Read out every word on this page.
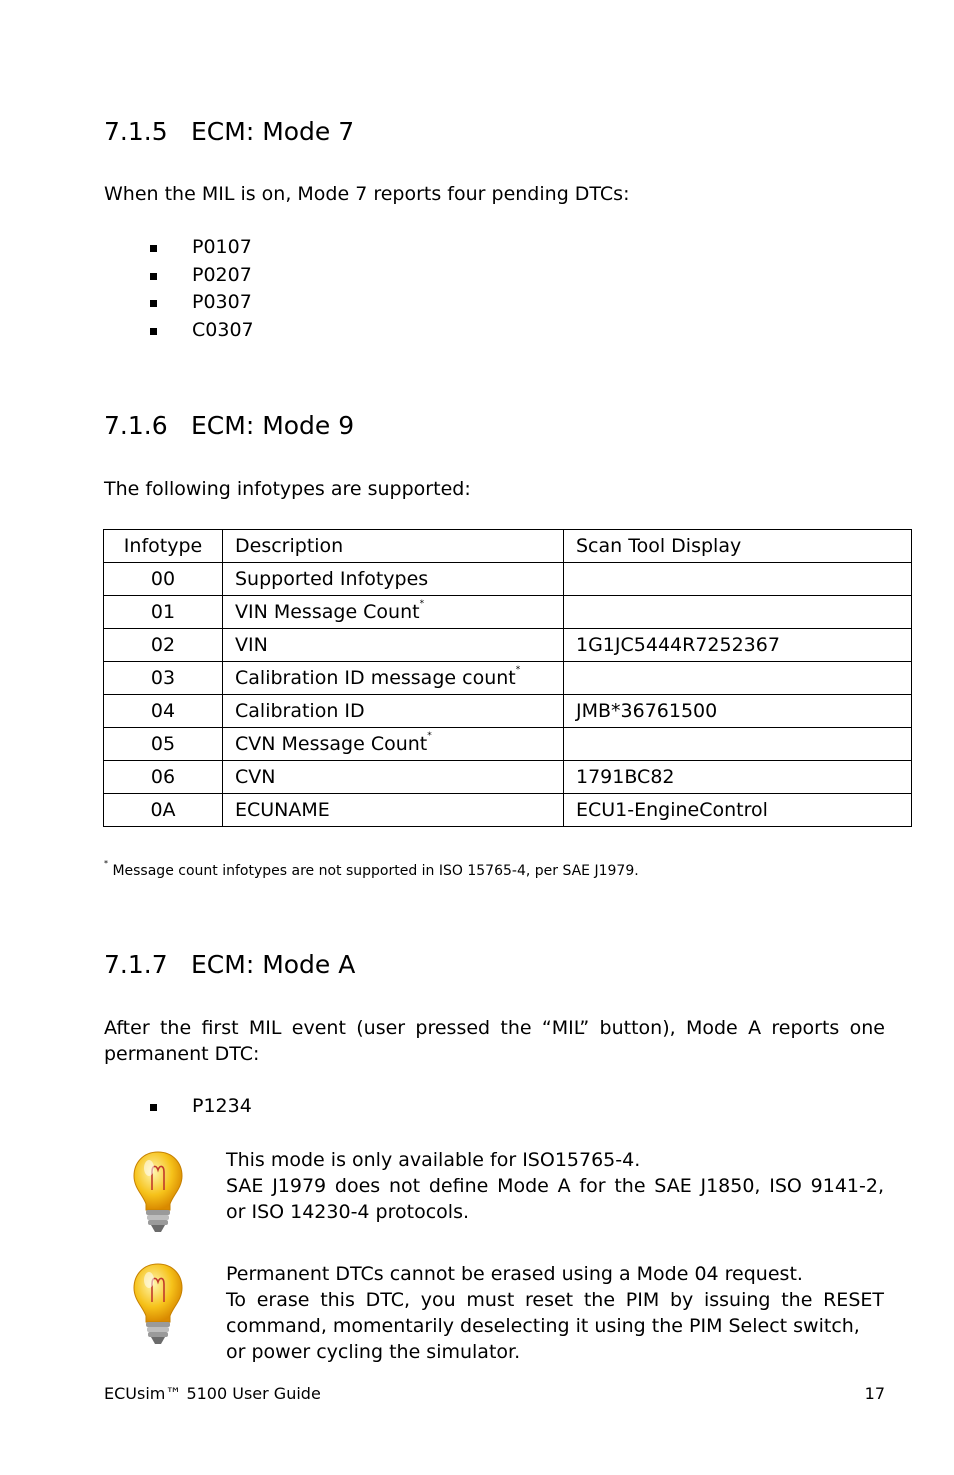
7.1.5 ECM: Mode 7
When the MIL is on, Mode 7 reports four pending DTCs:
P0107
P0207
P0307
C0307
7.1.6 ECM: Mode 9
The following infotypes are supported:
Infotype	Description	Scan Tool Display
00	Supported Infotypes	
01	VIN Message Count*	
02	VIN	1G1JC5444R7252367
03	Calibration ID message count*	
04	Calibration ID	JMB*36761500
05	CVN Message Count*	
06	CVN	1791BC82
0A	ECUNAME	ECU1-EngineControl
* Message count infotypes are not supported in ISO 15765-4, per SAE J1979.
7.1.7 ECM: Mode A
After the first MIL event (user pressed the “MIL” button), Mode A reports one
permanent DTC:
P1234
This mode is only available for ISO15765-4.
SAE J1979 does not define Mode A for the SAE J1850, ISO 9141-2,
or ISO 14230-4 protocols.
Permanent DTCs cannot be erased using a Mode 04 request.
To erase this DTC, you must reset the PIM by issuing the RESET
command, momentarily deselecting it using the PIM Select switch,
or power cycling the simulator.
ECUsim™ 5100 User Guide	17
